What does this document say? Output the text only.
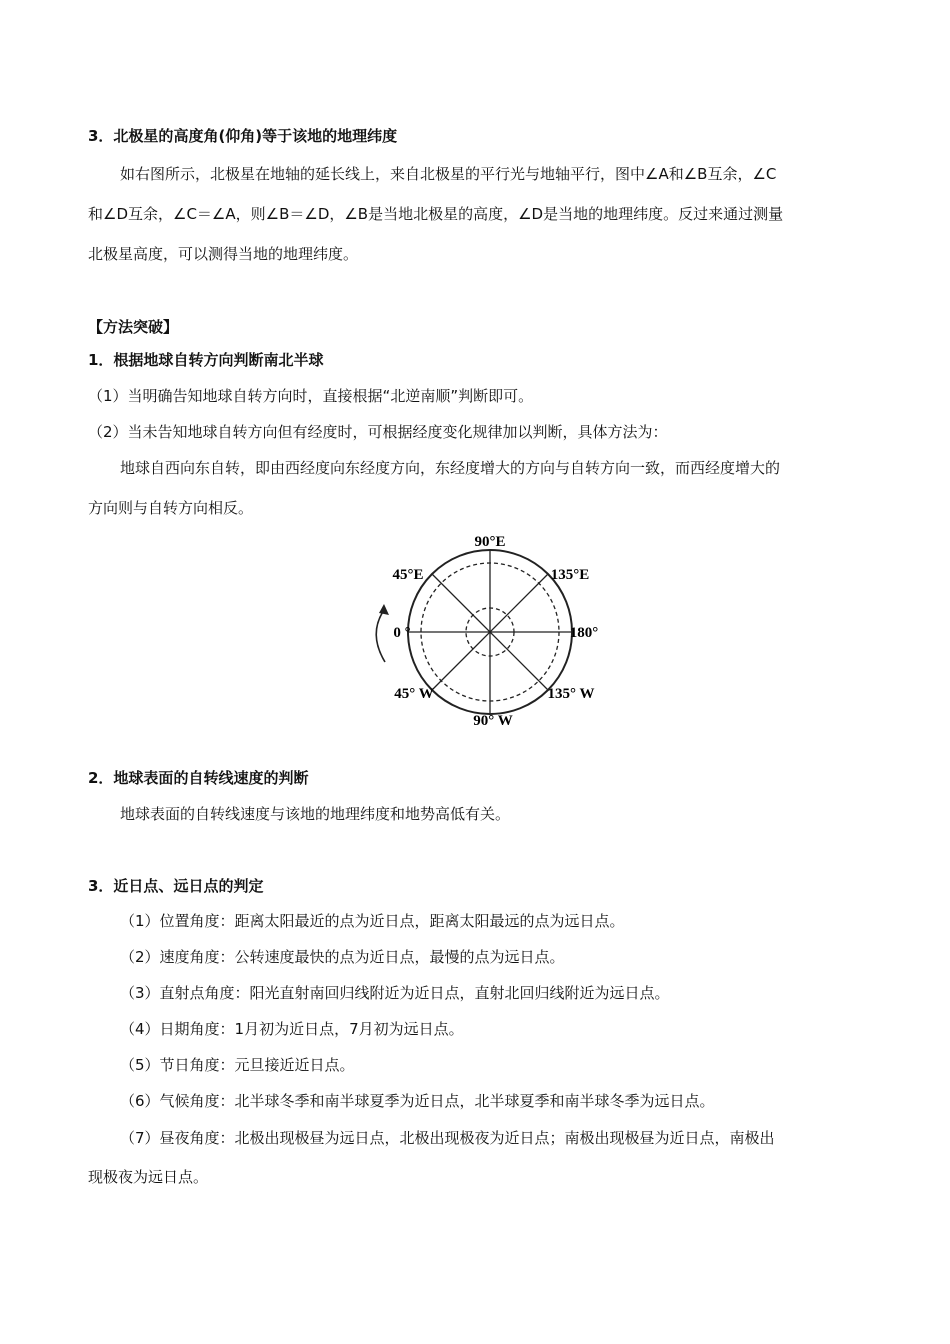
3．北极星的高度角(仰角)等于该地的地理纬度
如右图所示，北极星在地轴的延长线上，来自北极星的平行光与地轴平行，图中∠A和∠B互余，∠C
和∠D互余，∠C＝∠A，则∠B＝∠D，∠B是当地北极星的高度，∠D是当地的地理纬度。反过来通过测量
北极星高度，可以测得当地的地理纬度。
【方法突破】
1．根据地球自转方向判断南北半球
（1）当明确告知地球自转方向时，直接根据“北逆南顺”判断即可。
（2）当未告知地球自转方向但有经度时，可根据经度变化规律加以判断，具体方法为：
地球自西向东自转，即由西经度向东经度方向，东经度增大的方向与自转方向一致，而西经度增大的
方向则与自转方向相反。
90°E
45°E	135°E
0 °	180°
45° W	135° W
90° W
2．地球表面的自转线速度的判断
地球表面的自转线速度与该地的地理纬度和地势高低有关。
3．近日点、远日点的判定
（1）位置角度：距离太阳最近的点为近日点，距离太阳最远的点为远日点。
（2）速度角度：公转速度最快的点为近日点，最慢的点为远日点。
（3）直射点角度：阳光直射南回归线附近为近日点，直射北回归线附近为远日点。
（4）日期角度：1月初为近日点，7月初为远日点。
（5）节日角度：元旦接近近日点。
（6）气候角度：北半球冬季和南半球夏季为近日点，北半球夏季和南半球冬季为远日点。
（7）昼夜角度：北极出现极昼为远日点，北极出现极夜为近日点；南极出现极昼为近日点，南极出
现极夜为远日点。
